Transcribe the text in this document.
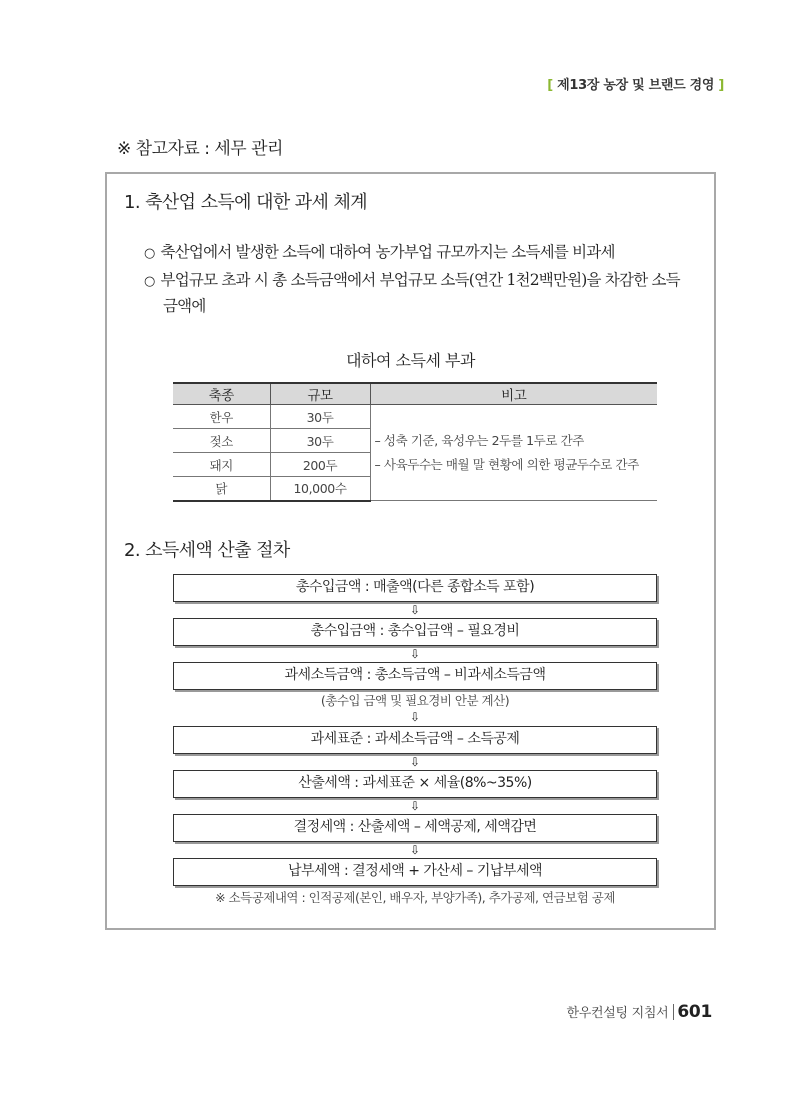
[ 제13장 농장 및 브랜드 경영 ]
※ 참고자료 : 세무 관리
1. 축산업 소득에 대한 과세 체계
○ 축산업에서 발생한 소득에 대하여 농가부업 규모까지는 소득세를 비과세
○ 부업규모 초과 시 총 소득금액에서 부업규모 소득(연간 1천2백만원)을 차감한 소득
금액에
대하여 소득세 부과
축종	규모	비고
한우	30두	– 성축 기준, 육성우는 2두를 1두로 간주
– 사육두수는 매월 말 현황에 의한 평균두수로 간주

젖소	30두	
돼지	200두	
닭	10,000수	
2. 소득세액 산출 절차
총수입금액 : 매출액(다른 종합소득 포함)
⇩
총수입금액 : 총수입금액 – 필요경비
⇩
과세소득금액 : 총소득금액 – 비과세소득금액
(총수입 금액 및 필요경비 안분 계산)
⇩
과세표준 : 과세소득금액 – 소득공제
⇩
산출세액 : 과세표준 × 세율(8%~35%)
⇩
결정세액 : 산출세액 – 세액공제, 세액감면
⇩
납부세액 : 결정세액 + 가산세 – 기납부세액
※ 소득공제내역 : 인적공제(본인, 배우자, 부양가족), 추가공제, 연금보험 공제
한우컨설팅 지침서 601
